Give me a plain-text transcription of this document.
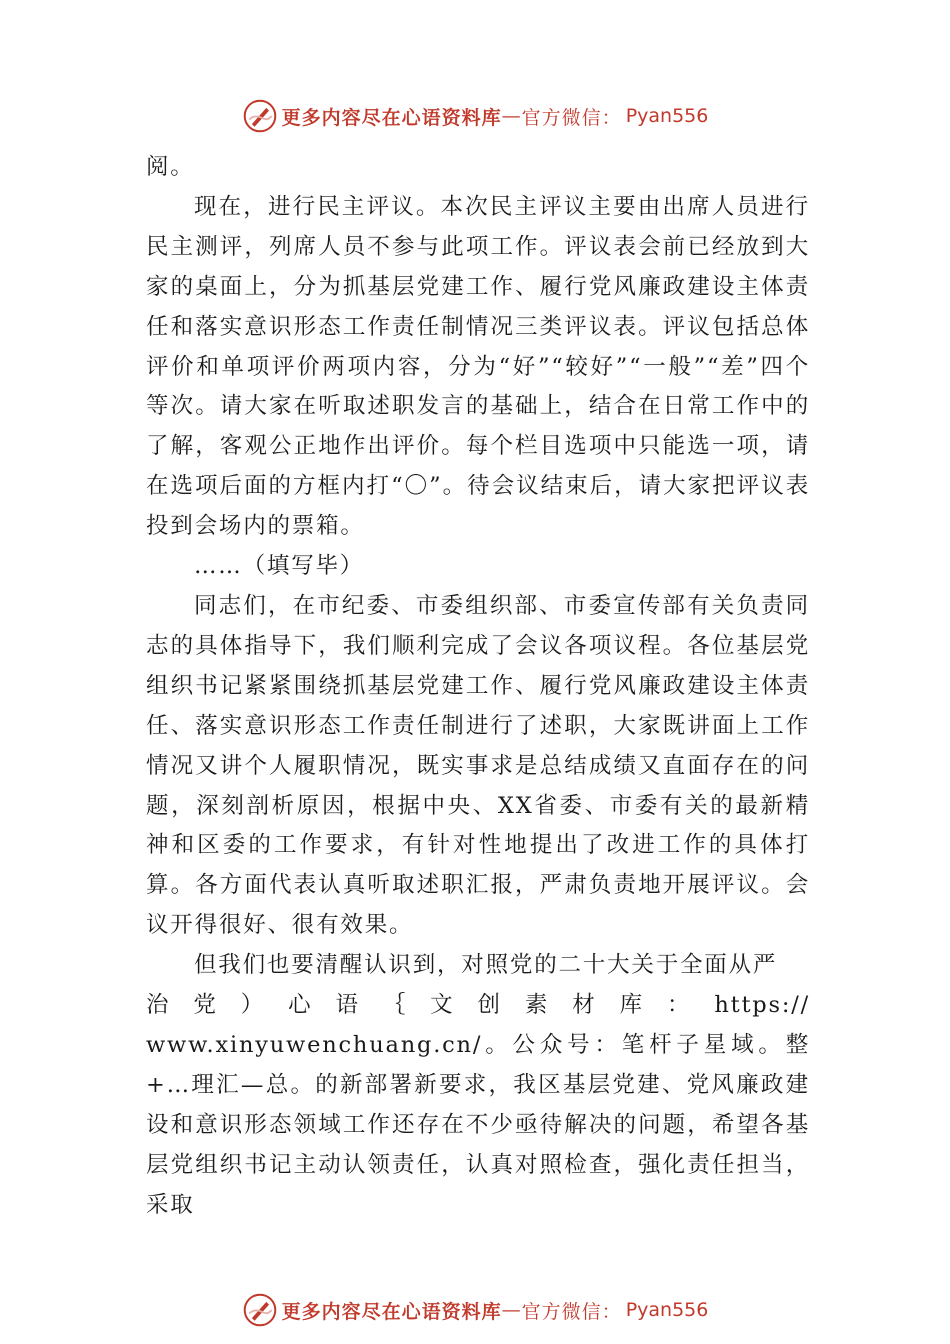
更多内容尽在心语资料库 — 官方微信： Pyan556

阅。

现在，进行民主评议。本次民主评议主要由出席人员进行民主测评，列席人员不参与此项工作。评议表会前已经放到大家的桌面上，分为抓基层党建工作、履行党风廉政建设主体责任和落实意识形态工作责任制情况三类评议表。评议包括总体评价和单项评价两项内容，分为“好”“较好”“一般”“差”四个等次。请大家在听取述职发言的基础上，结合在日常工作中的了解，客观公正地作出评价。每个栏目选项中只能选一项，请在选项后面的方框内打“〇”。待会议结束后，请大家把评议表投到会场内的票箱。

……（填写毕）

同志们，在市纪委、市委组织部、市委宣传部有关负责同志的具体指导下，我们顺利完成了会议各项议程。各位基层党组织书记紧紧围绕抓基层党建工作、履行党风廉政建设主体责任、落实意识形态工作责任制进行了述职，大家既讲面上工作情况又讲个人履职情况，既实事求是总结成绩又直面存在的问题，深刻剖析原因，根据中央、XX省委、市委有关的最新精神和区委的工作要求，有针对性地提出了改进工作的具体打算。各方面代表认真听取述职汇报，严肃负责地开展评议。会议开得很好、很有效果。

但我们也要清醒认识到，对照党的二十大关于全面从严

治党）心语｛文创素材库：https://

www.xinyuwenchuang.cn/。公众号：笔杆子星域。整+…理汇—总。的新部署新要求，我区基层党建、党风廉政建设和意识形态领域工作还存在不少亟待解决的问题，希望各基层党组织书记主动认领责任，认真对照检查，强化责任担当，采取

更多内容尽在心语资料库 — 官方微信： Pyan556
